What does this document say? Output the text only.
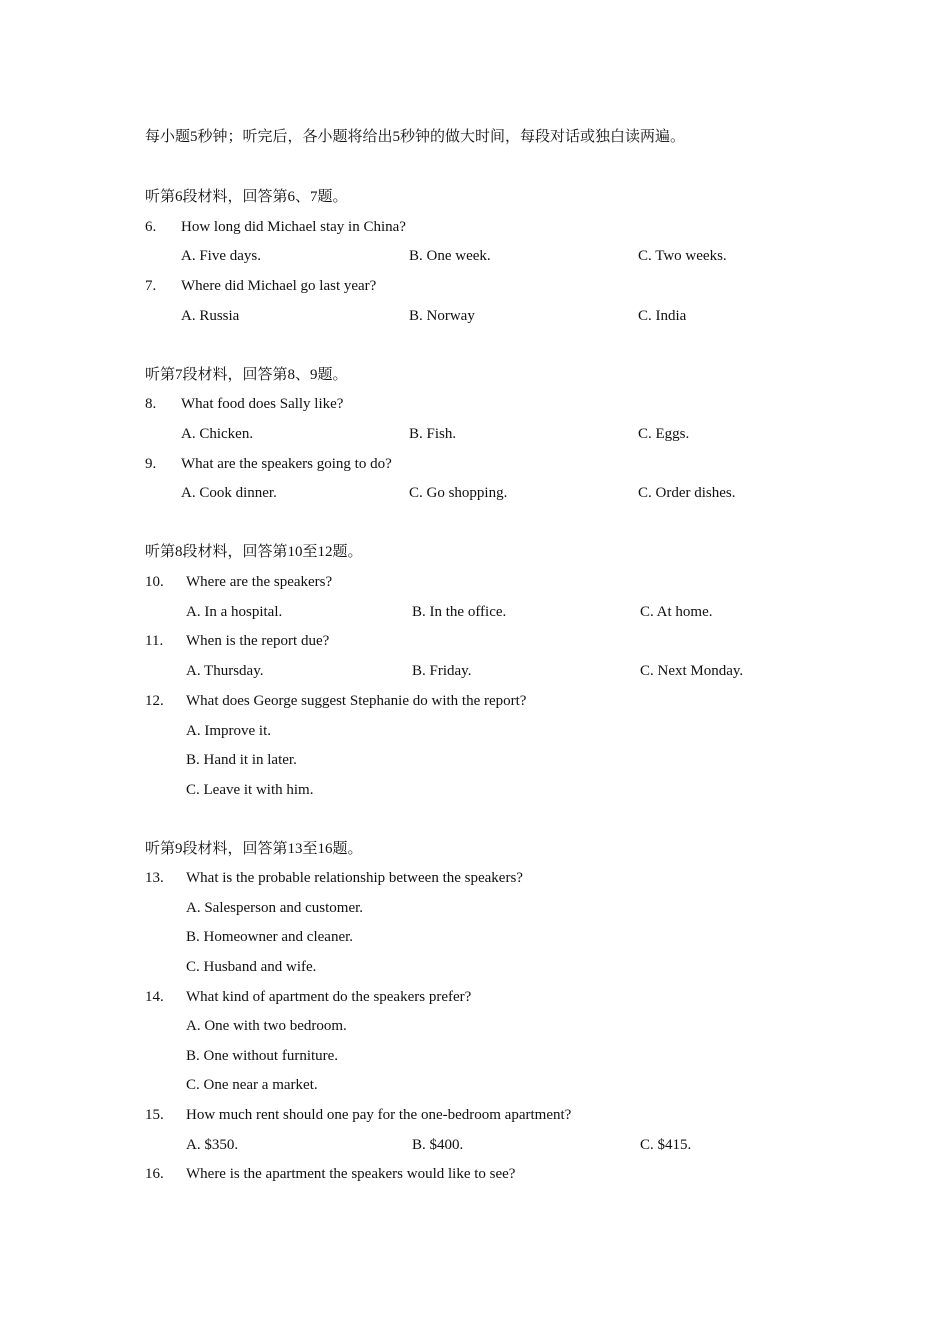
每小题5秒钟；听完后，各小题将给出5秒钟的做大时间，每段对话或独白读两遍。
听第6段材料，回答第6、7题。
6. How long did Michael stay in China?
A. Five days.	B. One week.	C. Two weeks.
7. Where did Michael go last year?
A. Russia	B. Norway	C. India
听第7段材料，回答第8、9题。
8. What food does Sally like?
A. Chicken.	B. Fish.	C. Eggs.
9. What are the speakers going to do?
A. Cook dinner.	C. Go shopping.	C. Order dishes.
听第8段材料，回答第10至12题。
10. Where are the speakers?
A. In a hospital.	B. In the office.	C. At home.
11. When is the report due?
A. Thursday.	B. Friday.	C. Next Monday.
12. What does George suggest Stephanie do with the report?
A. Improve it.
B. Hand it in later.
C. Leave it with him.
听第9段材料，回答第13至16题。
13. What is the probable relationship between the speakers?
A. Salesperson and customer.
B. Homeowner and cleaner.
C. Husband and wife.
14. What kind of apartment do the speakers prefer?
A. One with two bedroom.
B. One without furniture.
C. One near a market.
15. How much rent should one pay for the one-bedroom apartment?
A. $350.	B. $400.	C. $415.
16. Where is the apartment the speakers would like to see?
